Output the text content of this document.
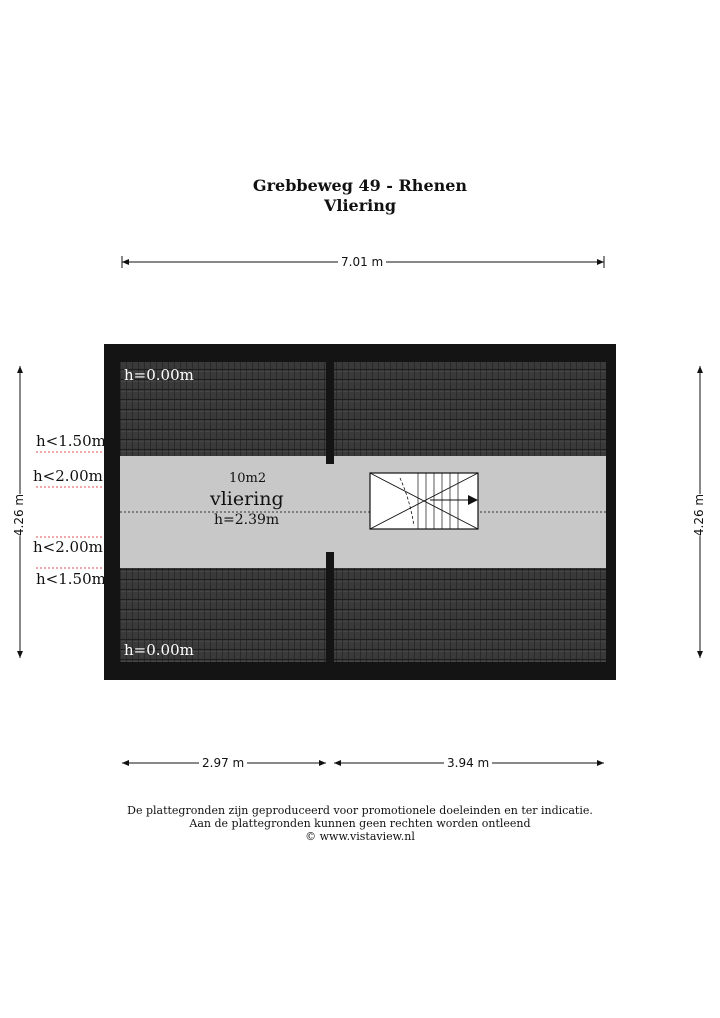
Grebbeweg 49 - Rhenen
Vliering
7.01 m
4.26 m	4.26 m
2.97 m	3.94 m
h=0.00m
h=0.00m
h<1.50m
h<2.00m
h<2.00m
h<1.50m
10m2
vliering
h=2.39m
De plattegronden zijn geproduceerd voor promotionele doeleinden en ter indicatie.
Aan de plattegronden kunnen geen rechten worden ontleend
© www.vistaview.nl
